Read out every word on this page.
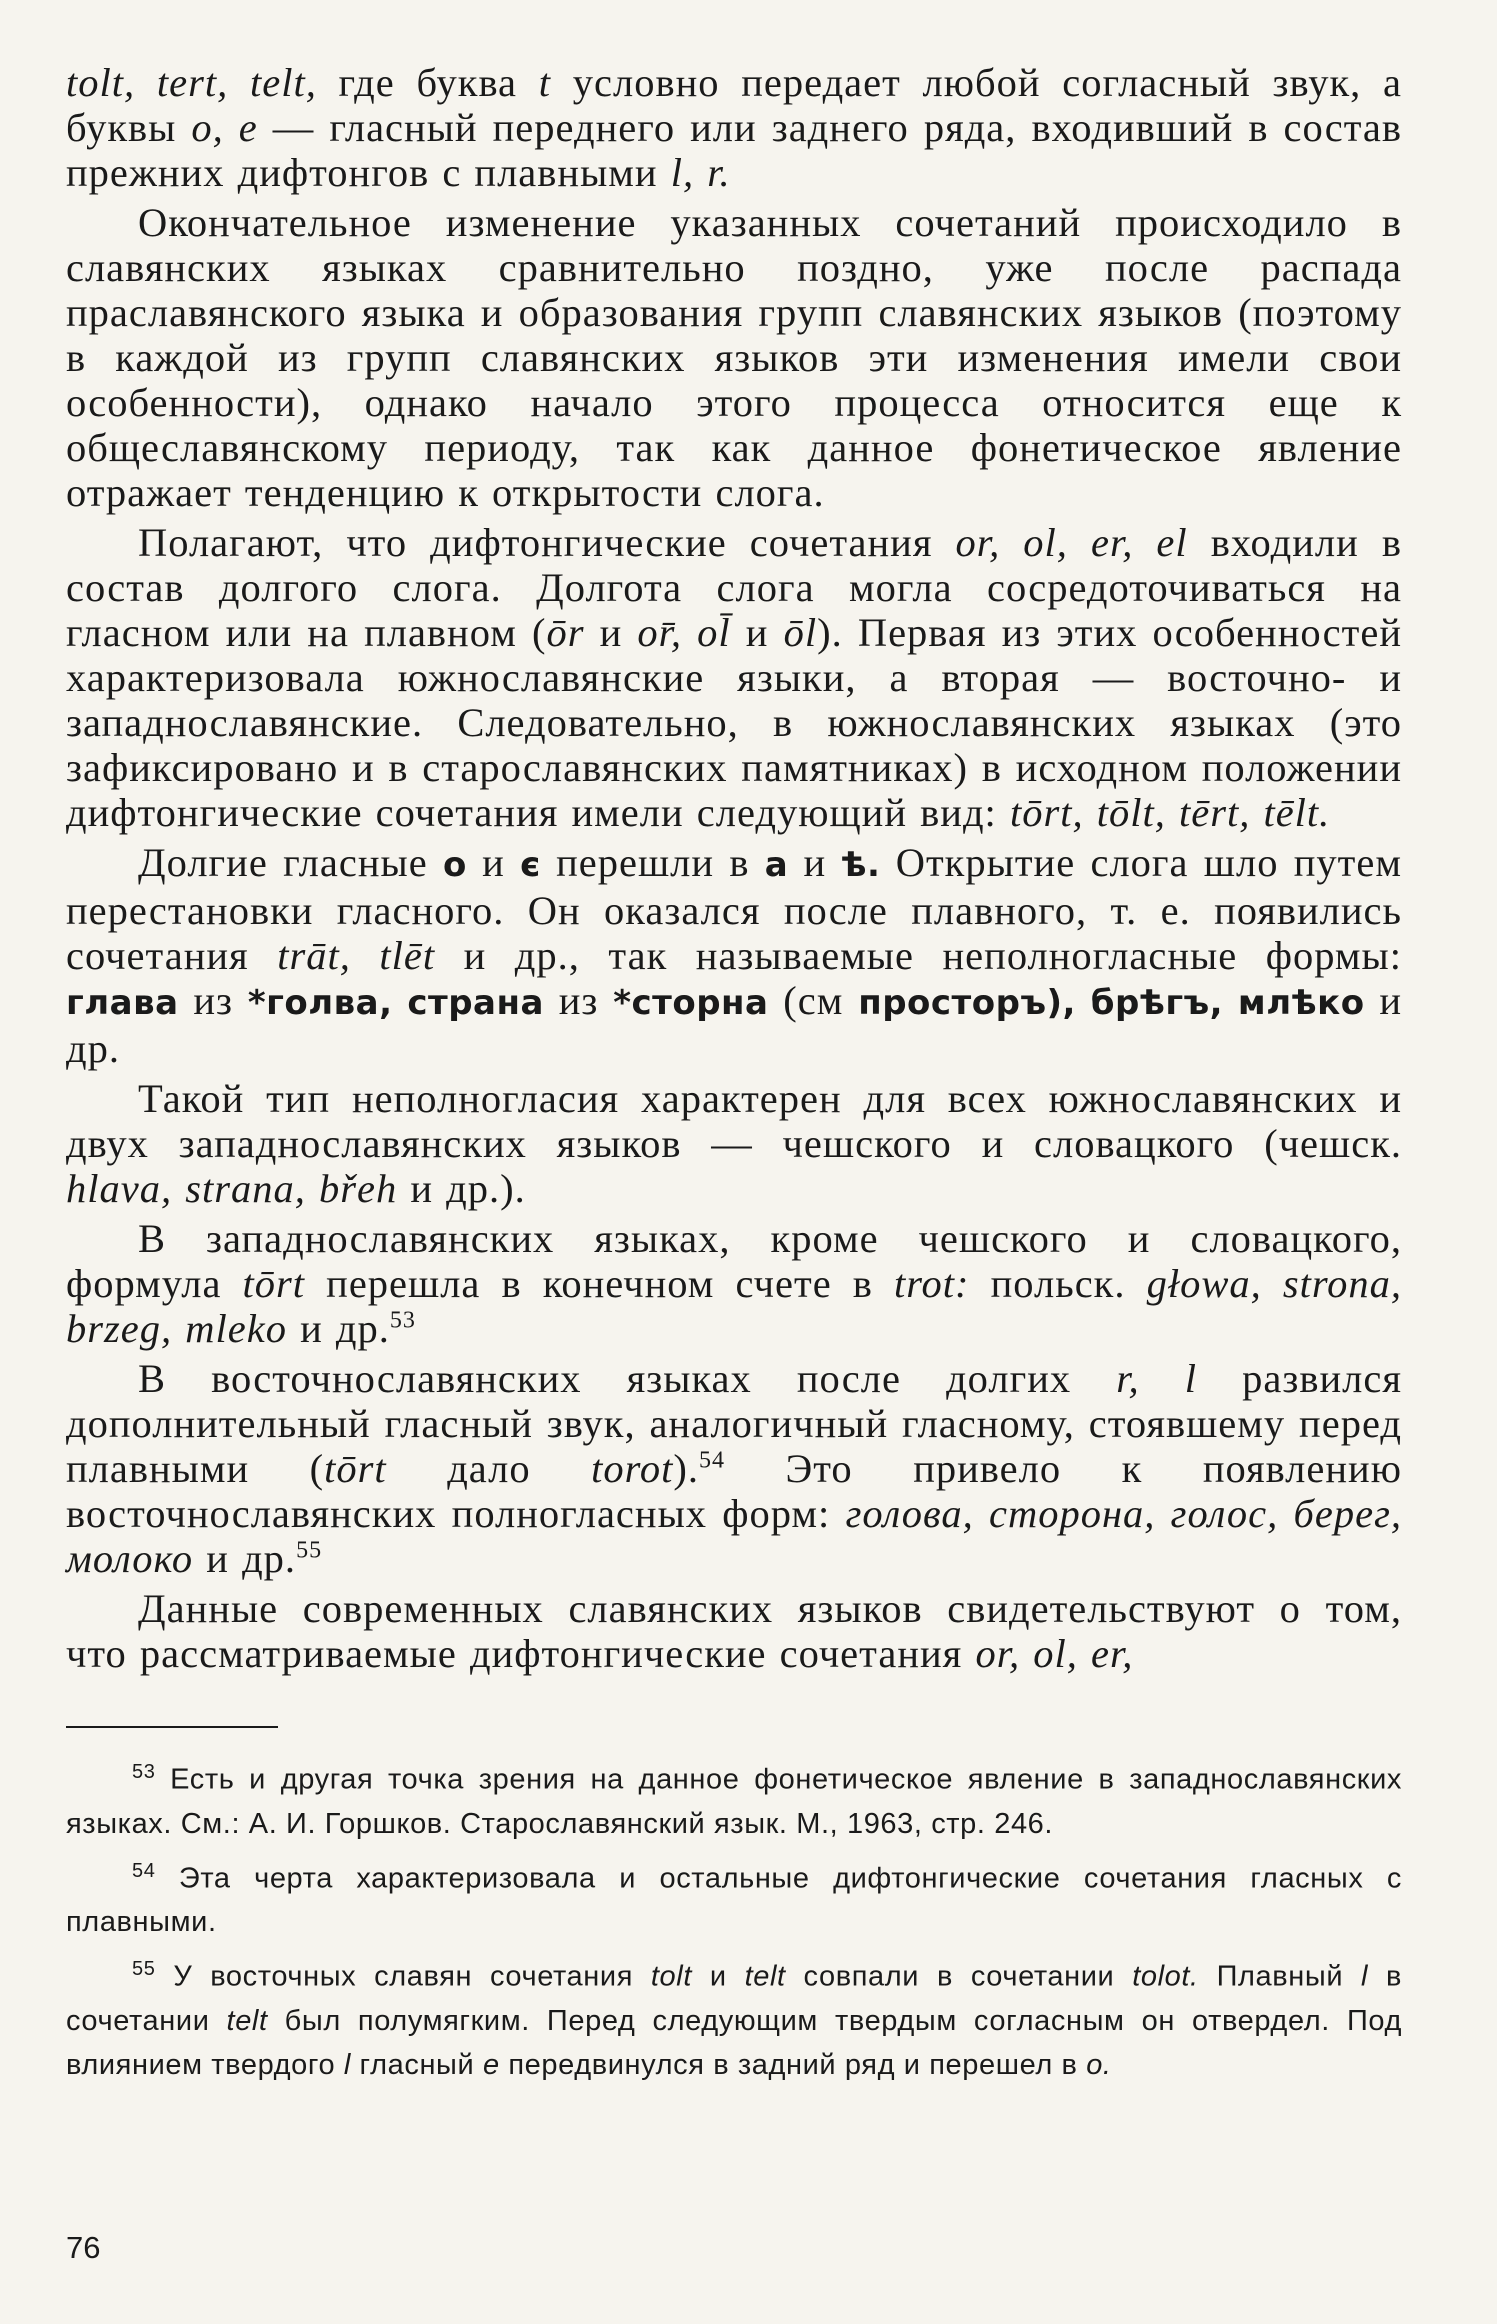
tolt, tert, telt, где буква t условно передает любой согласный звук, а буквы о, е — гласный переднего или заднего ряда, входивший в состав прежних дифтонгов с плавными l, r.

Окончательное изменение указанных сочетаний происходило в славянских языках сравнительно поздно, уже после распада праславянского языка и образования групп славянских языков (поэтому в каждой из групп славянских языков эти изменения имели свои особенности), однако начало этого процесса относится еще к общеславянскому периоду, так как данное фонетическое явление отражает тенденцию к открытости слога.

Полагают, что дифтонгические сочетания or, ol, er, el входили в состав долгого слога. Долгота слога могла сосредоточиваться на гласном или на плавном (ōr и or̄, ol̄ и ōl). Первая из этих особенностей характеризовала южнославянские языки, а вторая — восточно- и западнославянские. Следовательно, в южнославянских языках (это зафиксировано и в старославянских памятниках) в исходном положении дифтонгические сочетания имели следующий вид: tōrt, tōlt, tērt, tēlt.

Долгие гласные о и є перешли в а и ѣ. Открытие слога шло путем перестановки гласного. Он оказался после плавного, т. е. появились сочетания trāt, tlēt и др., так называемые неполногласные формы: глава из *голва, страна из *сторна (см просторъ), брѣгъ, млѣко и др.

Такой тип неполногласия характерен для всех южнославянских и двух западнославянских языков — чешского и словацкого (чешск. hlava, strana, břeh и др.).

В западнославянских языках, кроме чешского и словацкого, формула tōrt перешла в конечном счете в trot: польск. głowa, strona, brzeg, mleko и др.$^{53}$

В восточнославянских языках после долгих r, l развился дополнительный гласный звук, аналогичный гласному, стоявшему перед плавными (tōrt дало torot).$^{54}$ Это привело к появлению восточнославянских полногласных форм: голова, сторона, голос, берег, молоко и др.$^{55}$

Данные современных славянских языков свидетельствуют о том, что рассматриваемые дифтонгические сочетания or, ol, er,

$^{53}$ Есть и другая точка зрения на данное фонетическое явление в западнославянских языках. См.: А. И. Горшков. Старославянский язык. М., 1963, стр. 246.

$^{54}$ Эта черта характеризовала и остальные дифтонгические сочетания гласных с плавными.

$^{55}$ У восточных славян сочетания tolt и telt совпали в сочетании tolot. Плавный l в сочетании telt был полумягким. Перед следующим твердым согласным он отвердел. Под влиянием твердого l гласный e передвинулся в задний ряд и перешел в o.

76
